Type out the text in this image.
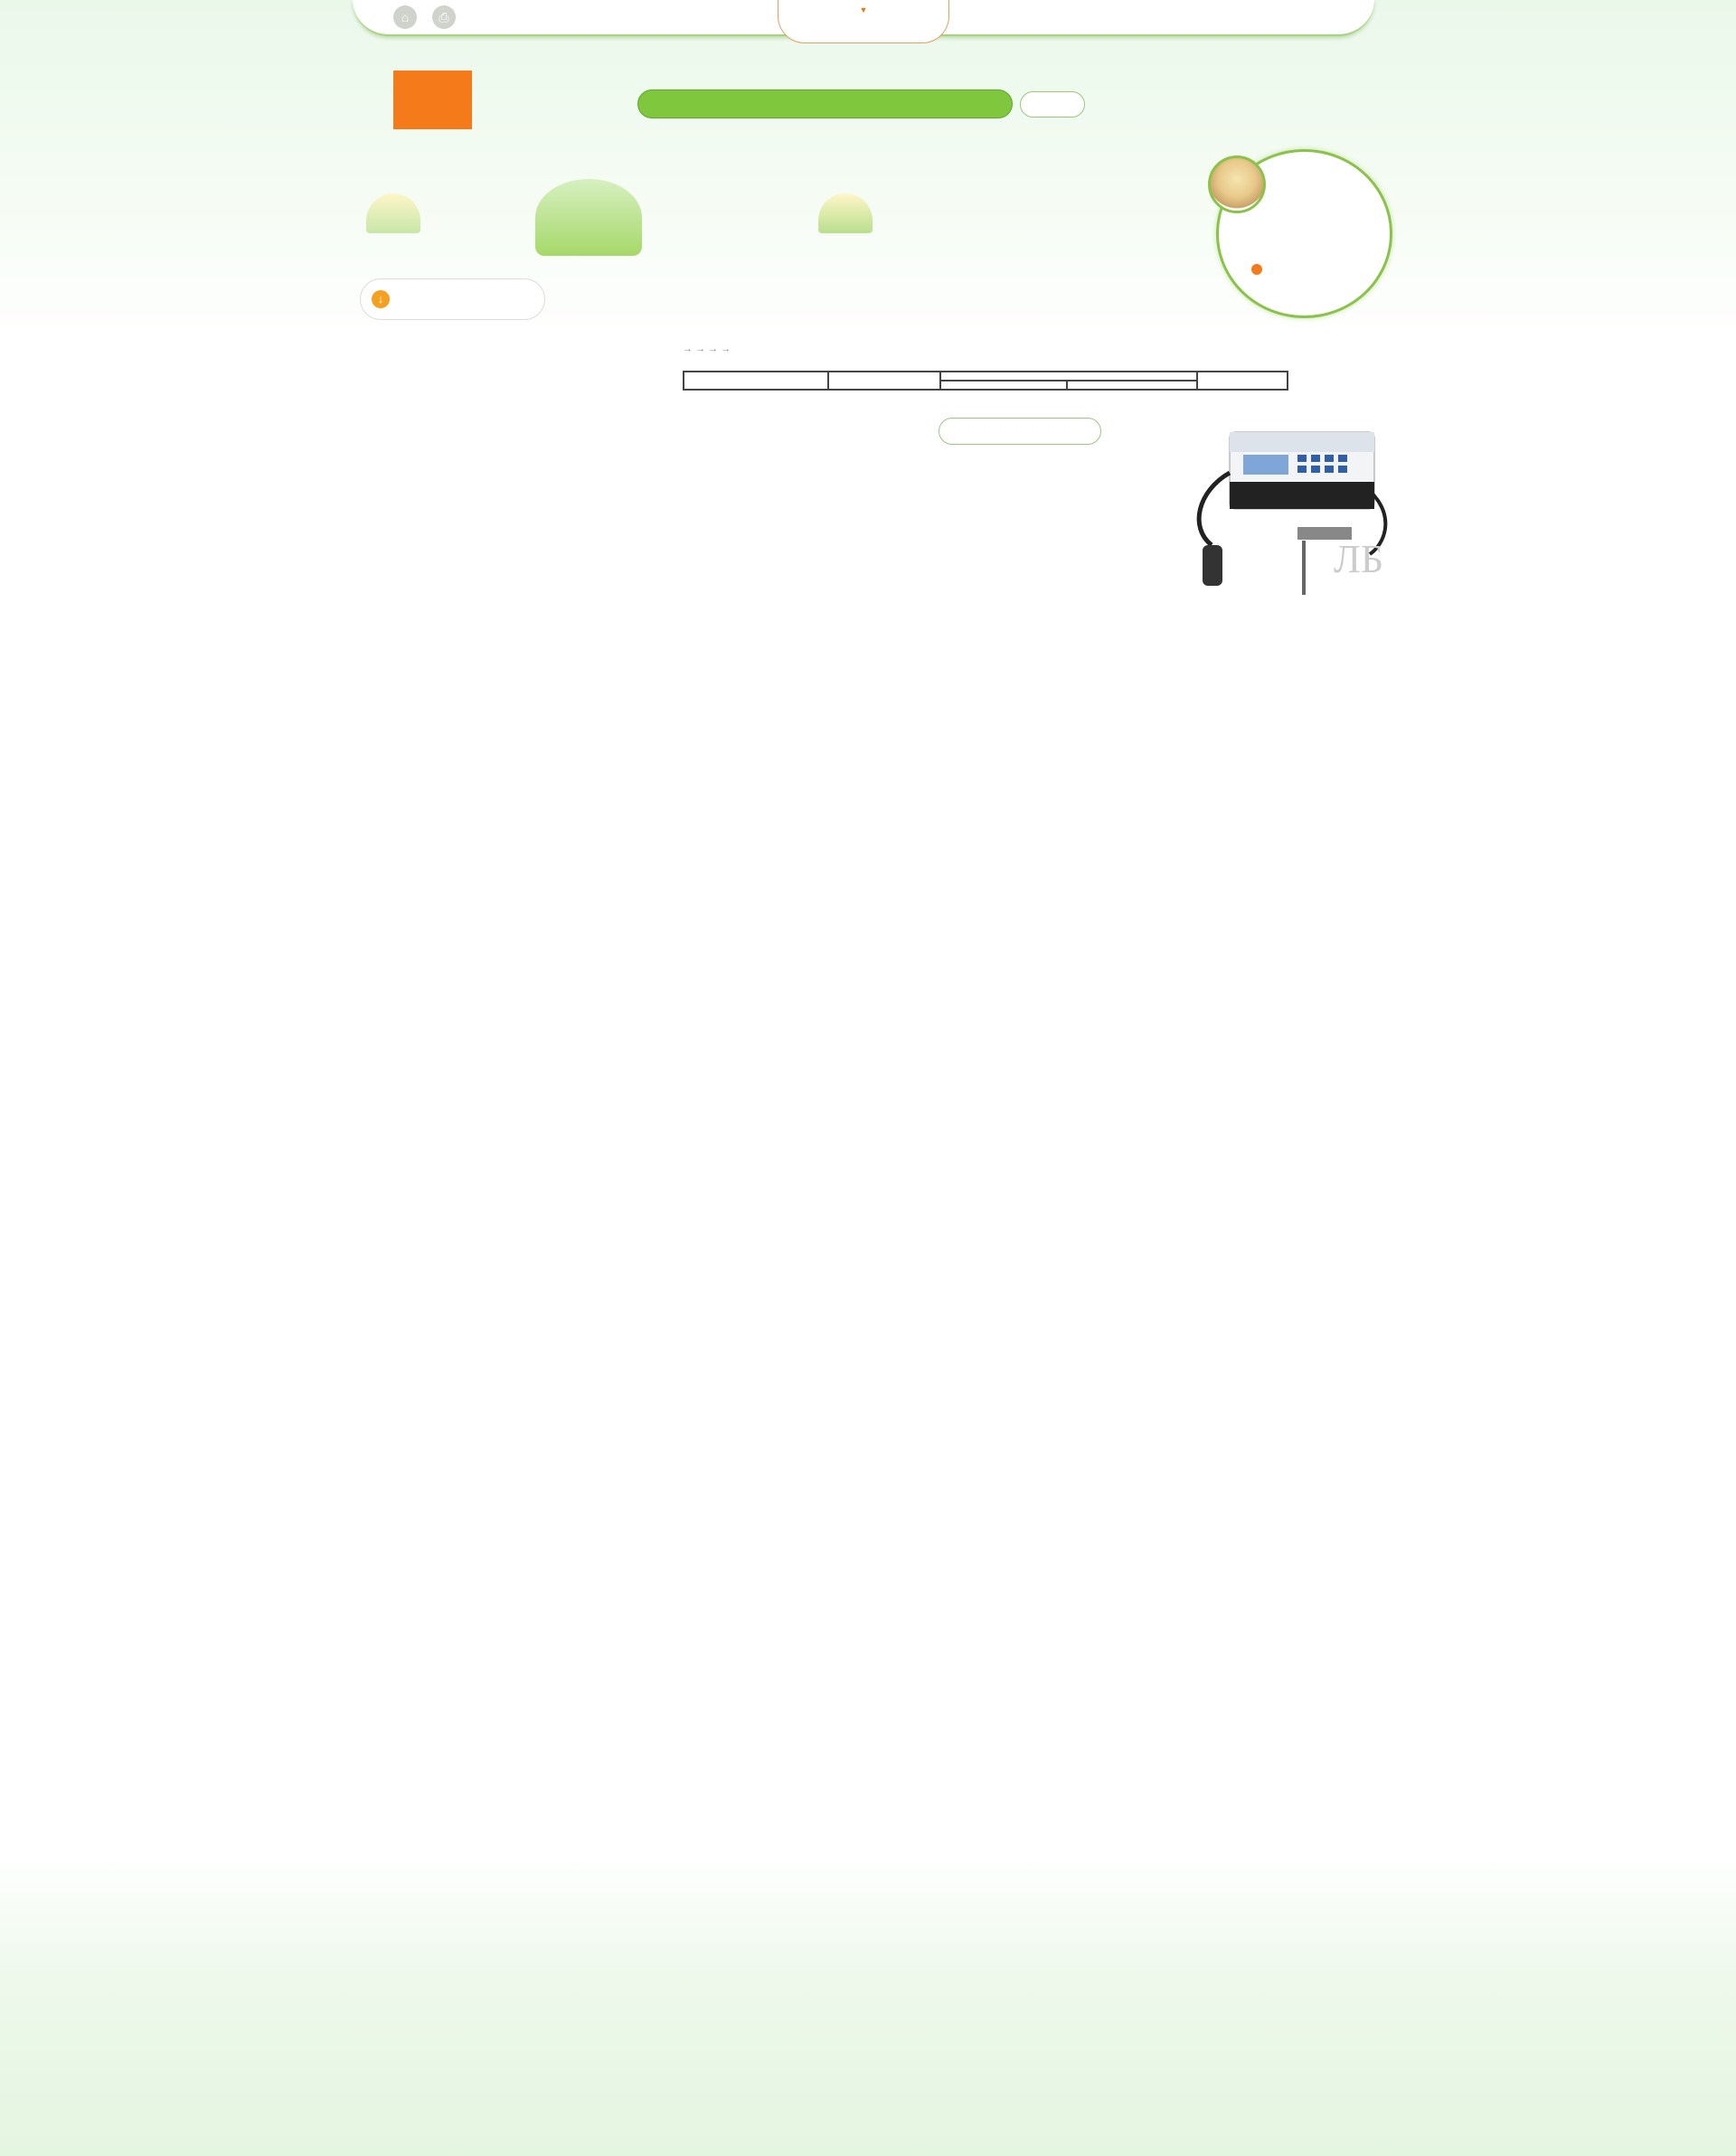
⌂	⎙	▼
↓
→ → → →
ЛБ
